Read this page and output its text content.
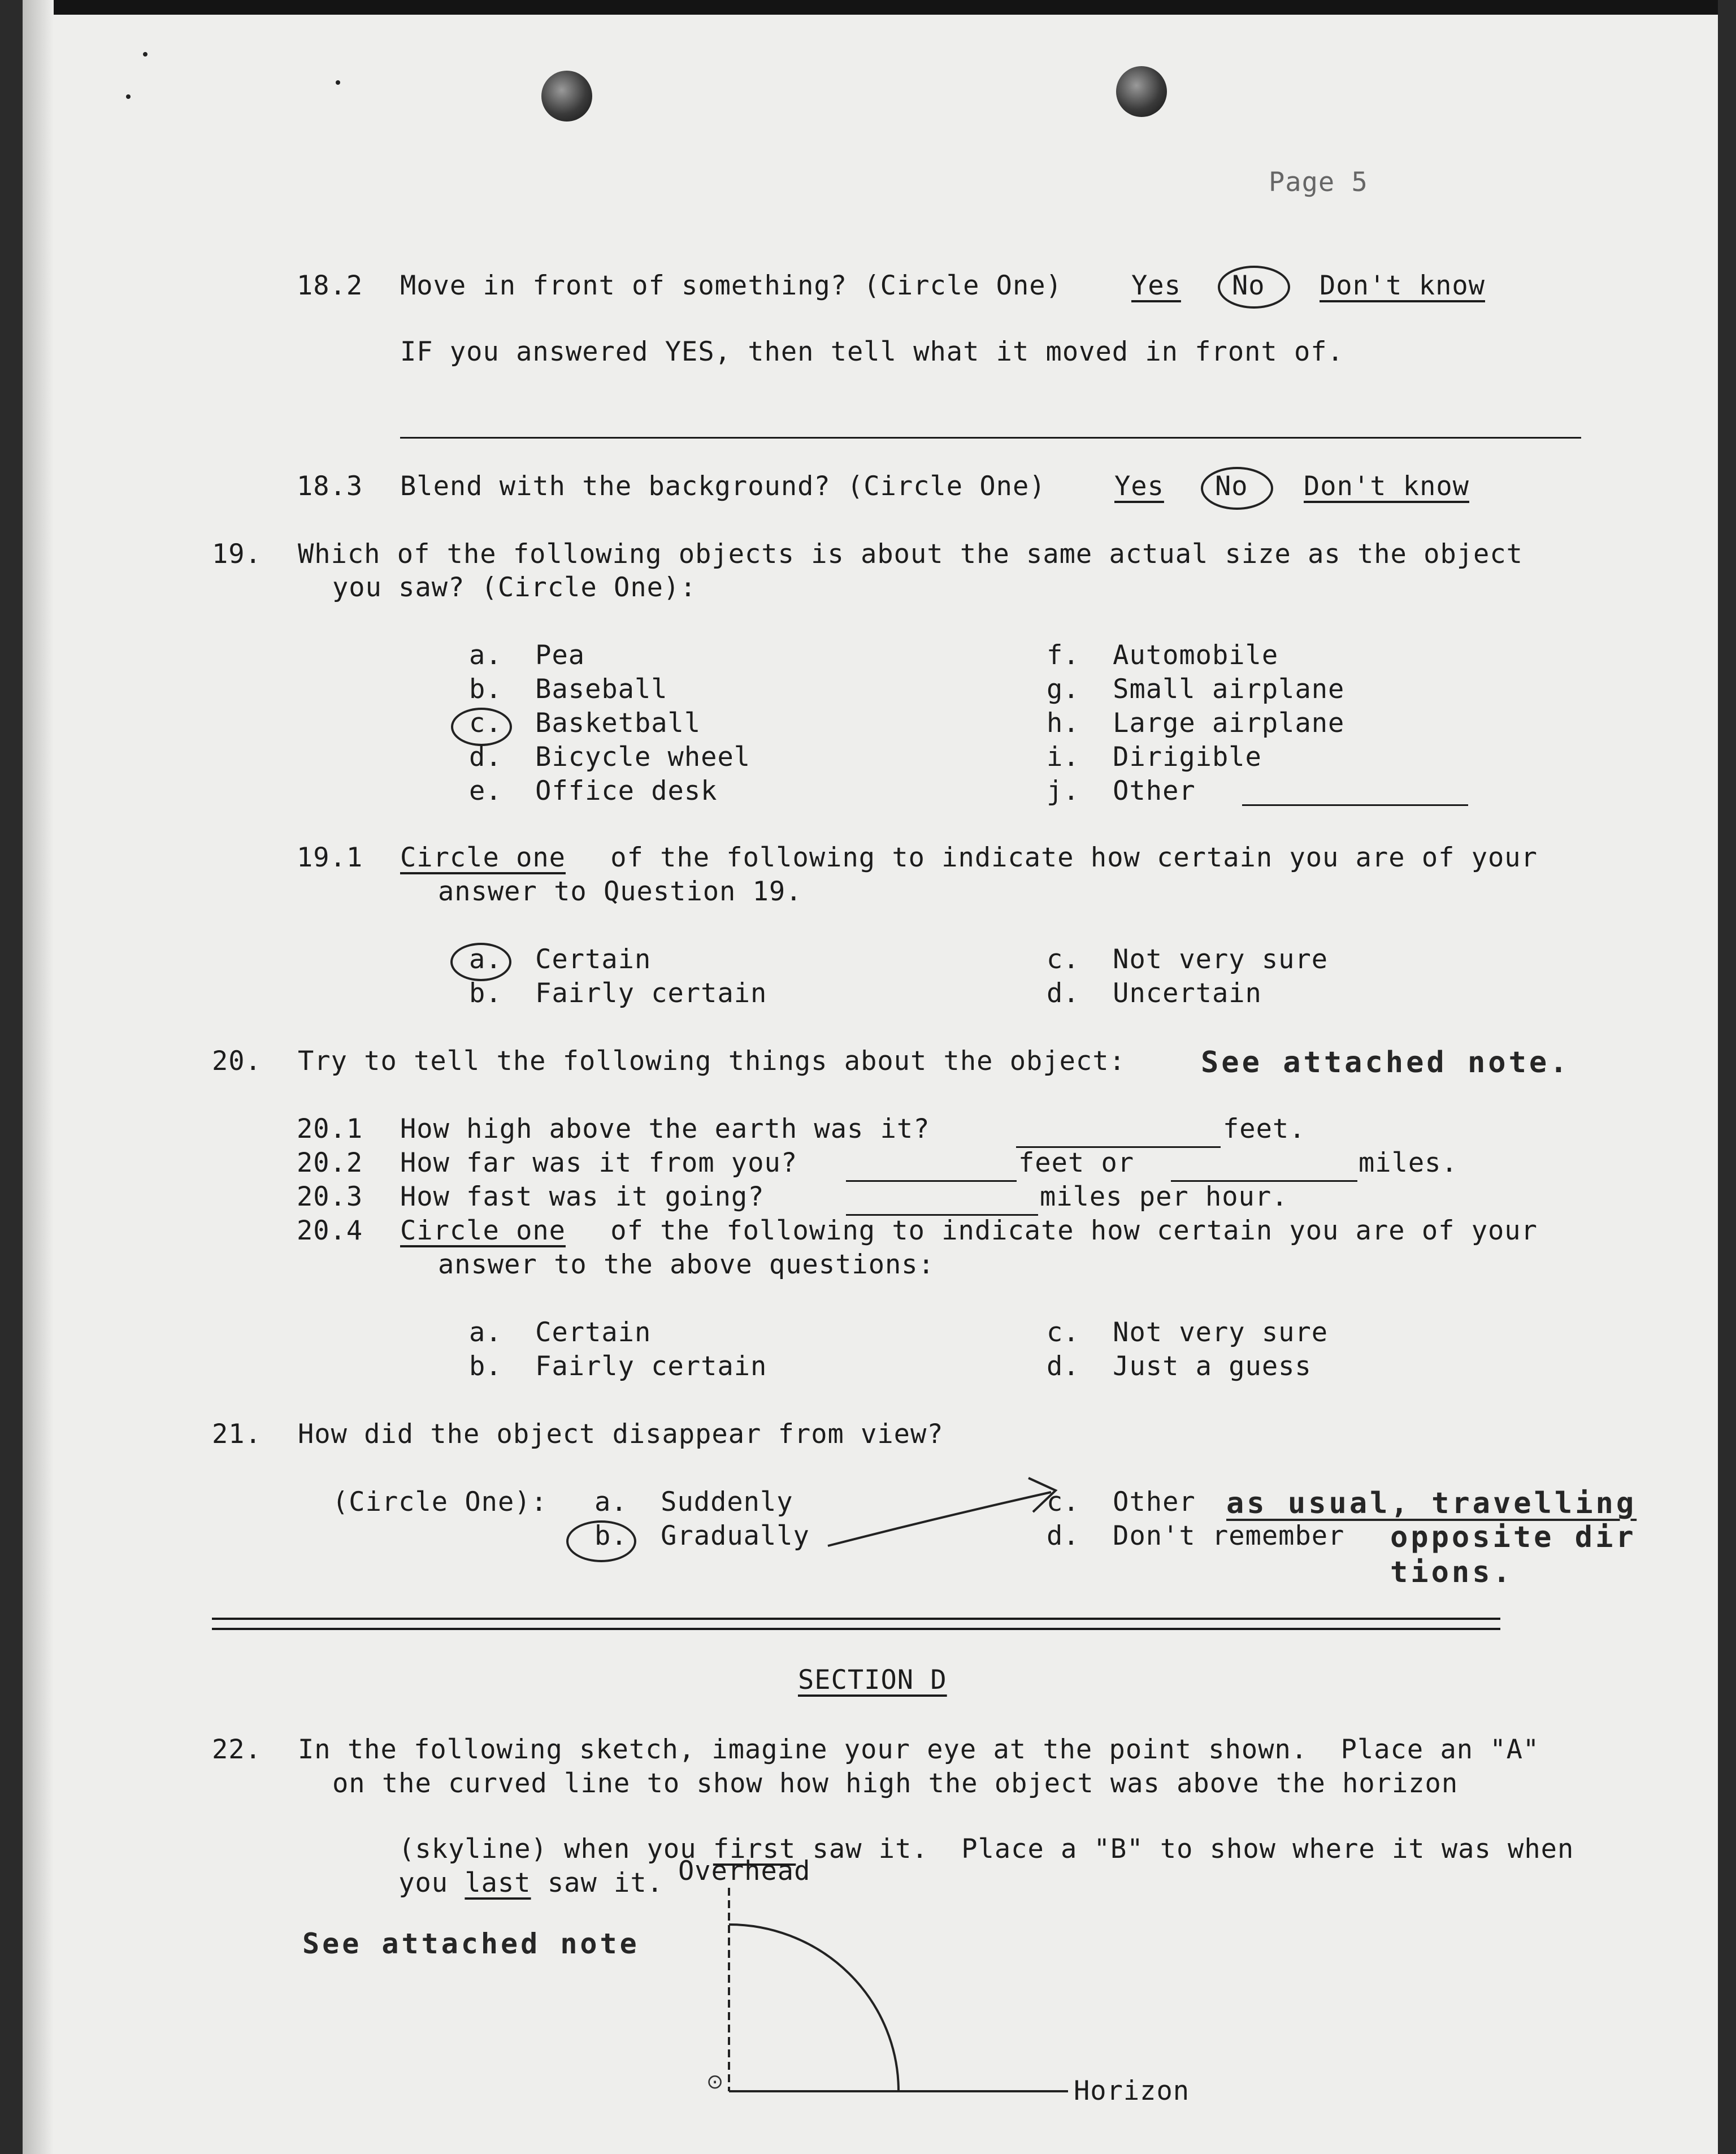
Page 5
18.2 Move in front of something? (Circle One)	Yes No Don't know
IF you answered YES, then tell what it moved in front of.
18.3 Blend with the background? (Circle One)	Yes No Don't know
19. Which of the following objects is about the same actual size as the object
you saw? (Circle One):
a.  Pea
b.  Baseball
c.  Basketball
d.  Bicycle wheel
e.  Office desk
f.  Automobile
g.  Small airplane
h.  Large airplane
i.  Dirigible
j.  Other
19.1 Circle one of the following to indicate how certain you are of your
answer to Question 19.
a.  Certain
b.  Fairly certain
c.  Not very sure
d.  Uncertain
20. Try to tell the following things about the object:	See attached note.
20.1 How high above the earth was it?	feet.
20.2 How far was it from you?	feet or	miles.
20.3 How fast was it going?	miles per hour.
20.4 Circle one of the following to indicate how certain you are of your
answer to the above questions:
a.  Certain
b.  Fairly certain
c.  Not very sure
d.  Just a guess
21. How did the object disappear from view?
(Circle One): a.  Suddenly
b.  Gradually
c.  Other
d.  Don't remember
as usual, travelling
opposite dir
tions.
SECTION D
22. In the following sketch, imagine your eye at the point shown.  Place an "A"
on the curved line to show how high the object was above the horizon

(skyline) when you first saw it.  Place a "B" to show where it was when

you last saw it.

See attached note
Overhead
Horizon
⊙
